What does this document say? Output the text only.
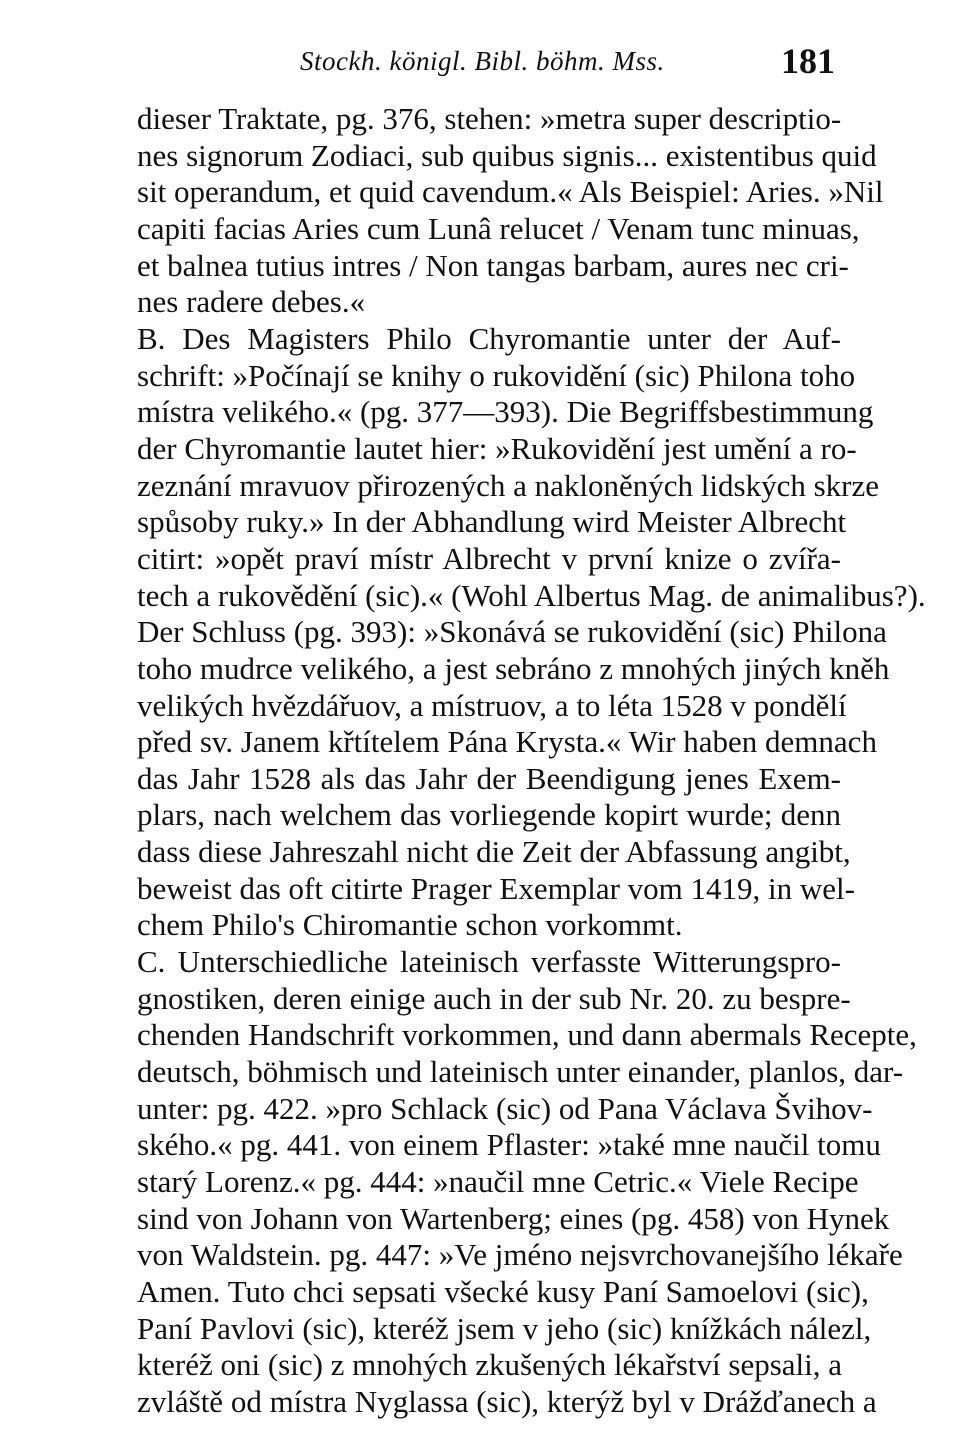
Stockh. königl. Bibl. böhm. Mss.	181
dieser Traktate, pg. 376, stehen: »metra super descriptio-
nes signorum Zodiaci, sub quibus signis... existentibus quid
sit operandum, et quid cavendum.« Als Beispiel: Aries. »Nil
capiti facias Aries cum Lunâ relucet / Venam tunc minuas,
et balnea tutius intres / Non tangas barbam, aures nec cri-
nes radere debes.«
B. Des Magisters Philo Chyromantie unter der Auf-
schrift: »Počínají se knihy o rukovidění (sic) Philona toho
místra velikého.« (pg. 377—393). Die Begriffsbestimmung
der Chyromantie lautet hier: »Rukovidění jest umění a ro-
zeznání mravuov přirozených a nakloněných lidských skrze
spůsoby ruky.» In der Abhandlung wird Meister Albrecht
citirt: »opět praví místr Albrecht v první knize o zvířa-
tech a rukovědění (sic).« (Wohl Albertus Mag. de animalibus?).
Der Schluss (pg. 393): »Skonává se rukovidění (sic) Philona
toho mudrce velikého, a jest sebráno z mnohých jiných kněh
velikých hvězdářuov, a místruov, a to léta 1528 v pondělí
před sv. Janem křtítelem Pána Krysta.« Wir haben demnach
das Jahr 1528 als das Jahr der Beendigung jenes Exem-
plars, nach welchem das vorliegende kopirt wurde; denn
dass diese Jahreszahl nicht die Zeit der Abfassung angibt,
beweist das oft citirte Prager Exemplar vom 1419, in wel-
chem Philo's Chiromantie schon vorkommt.
C. Unterschiedliche lateinisch verfasste Witterungspro-
gnostiken, deren einige auch in der sub Nr. 20. zu bespre-
chenden Handschrift vorkommen, und dann abermals Recepte,
deutsch, böhmisch und lateinisch unter einander, planlos, dar-
unter: pg. 422. »pro Schlack (sic) od Pana Václava Švihov-
ského.« pg. 441. von einem Pflaster: »také mne naučil tomu
starý Lorenz.« pg. 444: »naučil mne Cetric.« Viele Recipe
sind von Johann von Wartenberg; eines (pg. 458) von Hynek
von Waldstein. pg. 447: »Ve jméno nejsvrchovanejšího lékaře
Amen. Tuto chci sepsati všecké kusy Paní Samoelovi (sic),
Paní Pavlovi (sic), kteréž jsem v jeho (sic) knížkách nálezl,
kteréž oni (sic) z mnohých zkušených lékařství sepsali, a
zvláště od místra Nyglassa (sic), kterýž byl v Drážďanech a
